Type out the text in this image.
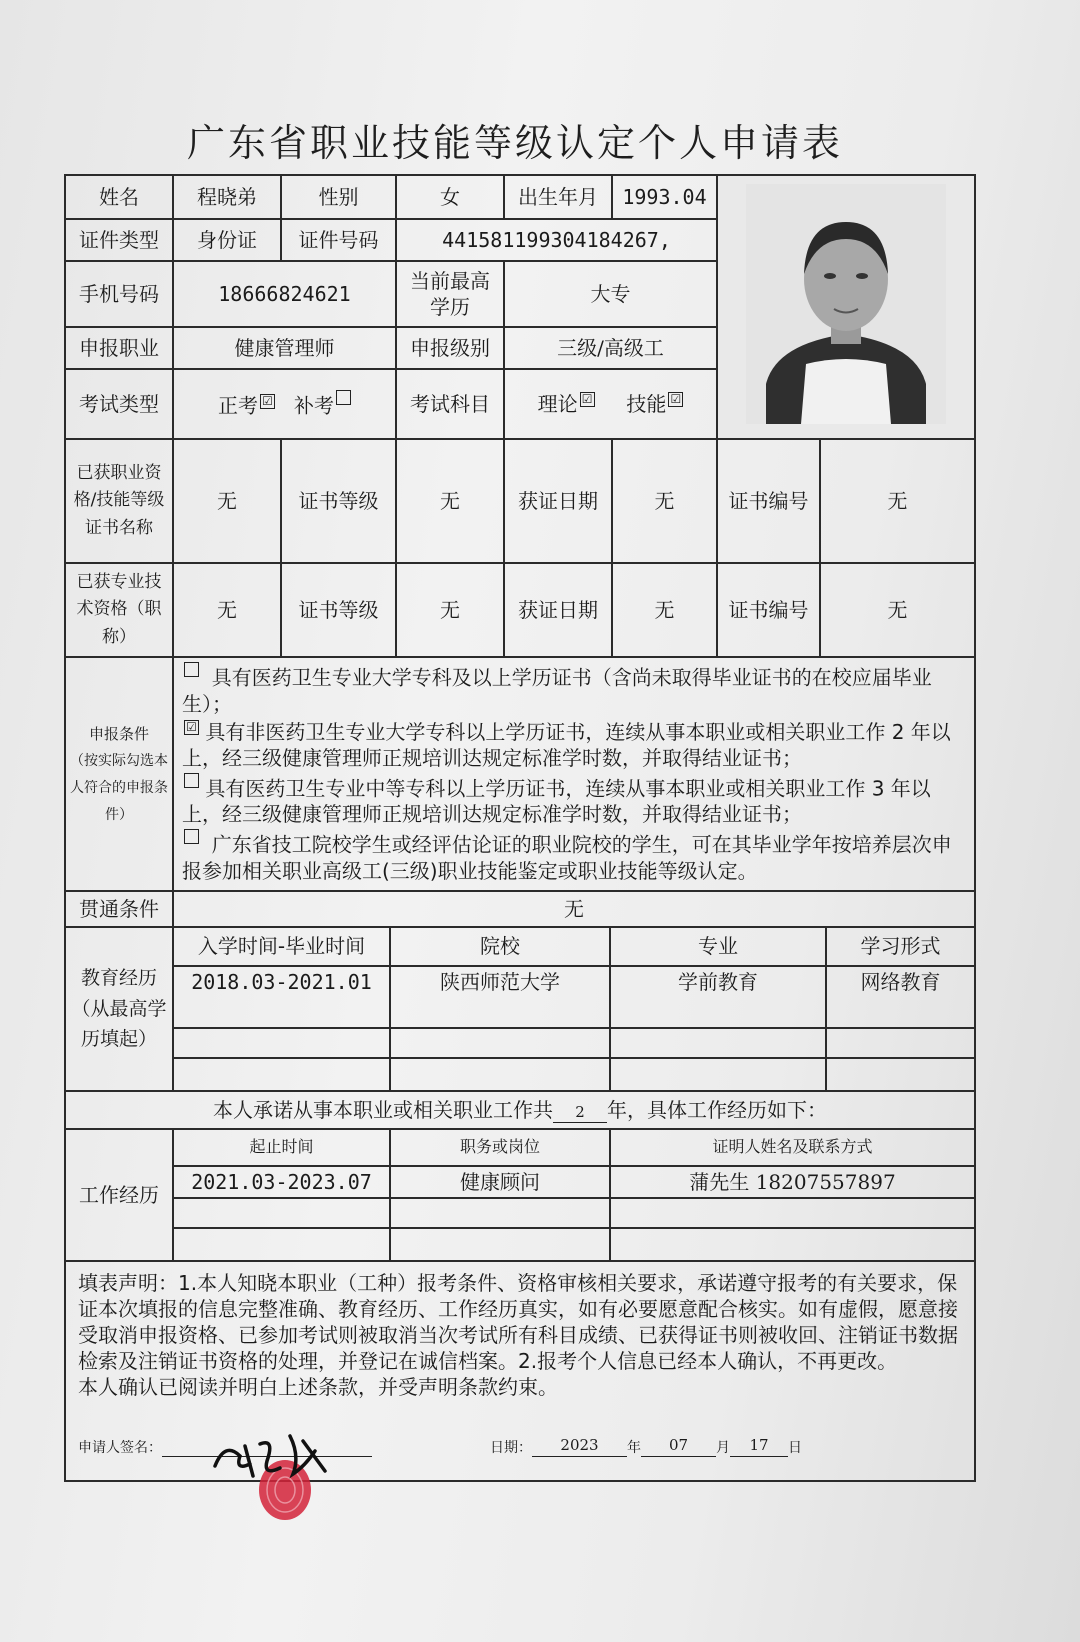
广东省职业技能等级认定个人申请表
姓名	程晓弟	性别	女	出生年月	1993.04	
证件类型	身份证	证件号码	441581199304184267,
手机号码	18666824621	当前最高学历	大专
申报职业	健康管理师	申报级别	三级/高级工
考试类型	正考 ☑ 补考	考试科目	理论 ☑ 技能 ☑
已获职业资格/技能等级证书名称	无	证书等级	无	获证日期	无	证书编号	无
已获专业技术资格（职称）	无	证书等级	无	获证日期	无	证书编号	无

申报条件
（按实际勾选本人符合的申报条件）

具有医药卫生专业大学专科及以上学历证书（含尚未取得毕业证书的在校应届毕业生）；

☑ 具有非医药卫生专业大学专科以上学历证书，连续从事本职业或相关职业工作 2 年以上，经三级健康管理师正规培训达规定标准学时数，并取得结业证书；

具有医药卫生专业中等专科以上学历证书，连续从事本职业或相关职业工作 3 年以上，经三级健康管理师正规培训达规定标准学时数，并取得结业证书；

广东省技工院校学生或经评估论证的职业院校的学生，可在其毕业学年按培养层次申报参加相关职业高级工(三级)职业技能鉴定或职业技能等级认定。

贯通条件	无
教育经历（从最高学历填起）	
入学时间-毕业时间	院校	专业	学习形式
2018.03-2021.01	陕西师范大学	学前教育	网络教育

本人承诺从事本职业或相关职业工作共 2 年，具体工作经历如下：
工作经历	
起止时间	职务或岗位	证明人姓名及联系方式
2021.03-2023.07	健康顾问	蒲先生 18207557897

填表声明：1.本人知晓本职业（工种）报考条件、资格审核相关要求，承诺遵守报考的有关要求，保证本次填报的信息完整准确、教育经历、工作经历真实，如有必要愿意配合核实。如有虚假，愿意接受取消申报资格、已参加考试则被取消当次考试所有科目成绩、已获得证书则被收回、注销证书数据检索及注销证书资格的处理，并登记在诚信档案。2.报考个人信息已经本人确认，不再更改。

本人确认已阅读并明白上述条款，并受声明条款约束。

申请人签名：	日期：	2023	年	07	月	17	日
